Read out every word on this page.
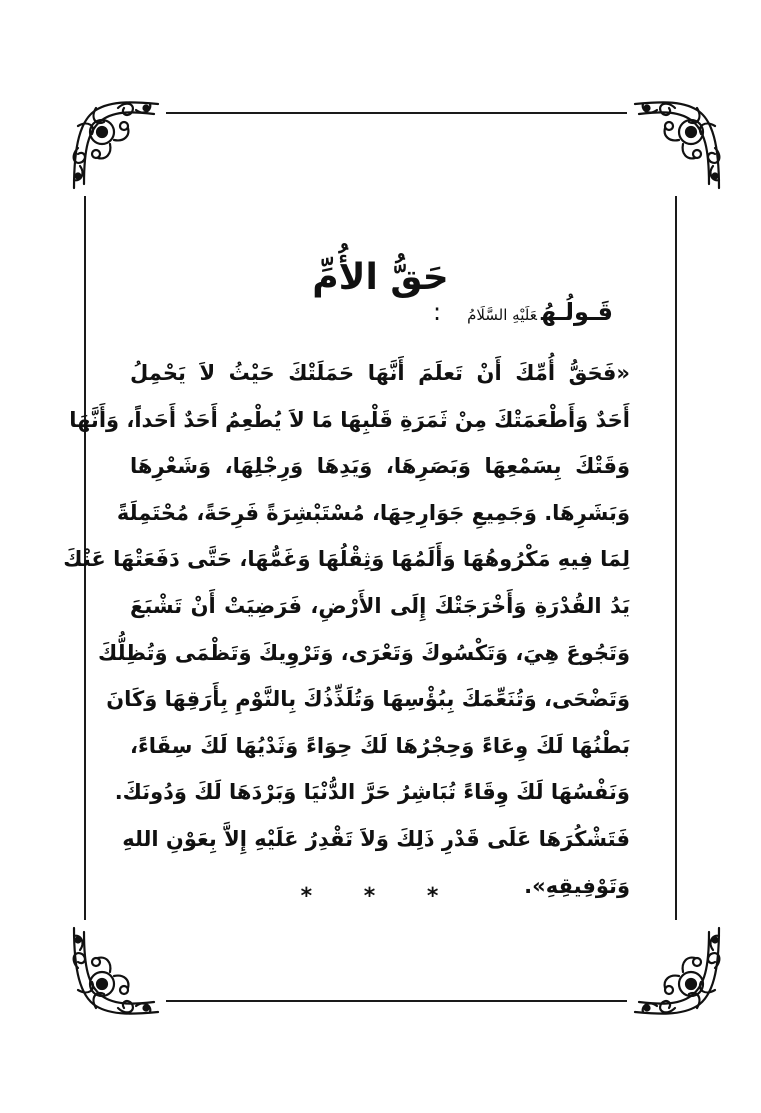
حَقُّ الأُمِّ
قَـولُـهُعَلَيْهِ السَّلَامُ:
«فَحَقُّ أُمِّكَ أَنْ تَعلَمَ أَنَّهَا حَمَلَتْكَ حَيْثُ لاَ يَحْمِلُ
أَحَدٌ وَأَطْعَمَتْكَ مِنْ ثَمَرَةِ قَلْبِهَا مَا لاَ يُطْعِمُ أَحَدٌ أَحَداً، وَأَنَّهَا
وَقَتْكَ بِسَمْعِهَا وَبَصَرِهَا، وَيَدِهَا وَرِجْلِهَا، وَشَعْرِهَا
وَبَشَرِهَا. وَجَمِيعِ جَوَارِحِهَا، مُسْتَبْشِرَةً فَرِحَةً، مُحْتَمِلَةً
لِمَا فِيهِ مَكْرُوهُهَا وَأَلَمُهَا وَثِقْلُهَا وَغَمُّهَا، حَتَّى دَفَعَتْهَا عَنْكَ
يَدُ القُدْرَةِ وَأَخْرَجَتْكَ إِلَى الأَرْضِ، فَرَضِيَتْ أَنْ تَشْبَعَ
وَتَجُوعَ هِيَ، وَتَكْسُوكَ وَتَعْرَى، وَتَرْوِيكَ وَتَظْمَى وَتُظِلُّكَ
وَتَضْحَى، وَتُنَعِّمَكَ بِبُؤْسِهَا وَتُلَذِّذُكَ بِالنَّوْمِ بِأَرَقِهَا وَكَانَ
بَطْنُهَا لَكَ وِعَاءً وَحِجْرُهَا لَكَ حِوَاءً وَثَدْيُهَا لَكَ سِقَاءً،
وَنَفْسُهَا لَكَ وِقَاءً تُبَاشِرُ حَرَّ الدُّنْيَا وَبَرْدَهَا لَكَ وَدُونَكَ.
فَتَشْكُرَهَا عَلَى قَدْرِ ذَلِكَ وَلاَ تَقْدِرُ عَلَيْهِ إِلاَّ بِعَوْنِ اللهِ
وَتَوْفِيقِهِ».
* * *
